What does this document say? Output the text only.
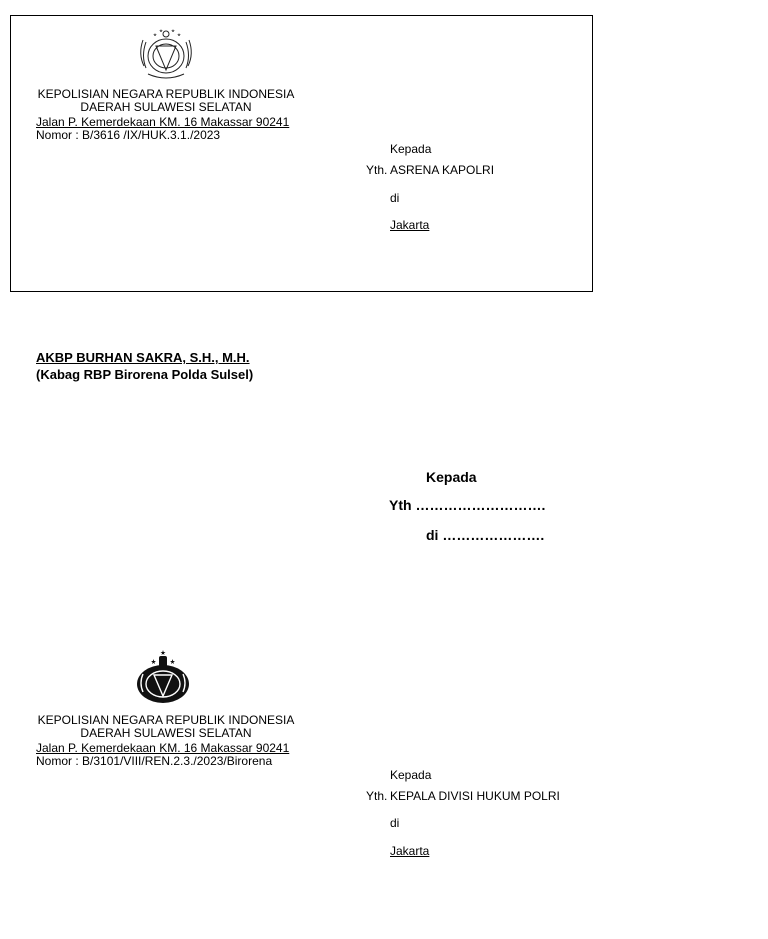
KEPOLISIAN NEGARA REPUBLIK INDONESIA
DAERAH SULAWESI SELATAN
Jalan P. Kemerdekaan KM. 16 Makassar 90241
Nomor : B/3616 /IX/HUK.3.1./2023
Kepada
Yth. ASRENA KAPOLRI
di
Jakarta
AKBP BURHAN SAKRA, S.H., M.H.
(Kabag RBP Birorena Polda Sulsel)
Kepada
Yth ……………………….
di ………………….
KEPOLISIAN NEGARA REPUBLIK INDONESIA
DAERAH SULAWESI SELATAN
Jalan P. Kemerdekaan KM. 16 Makassar 90241
Nomor : B/3101/VIII/REN.2.3./2023/Birorena
Kepada
Yth. KEPALA DIVISI HUKUM POLRI
di
Jakarta
